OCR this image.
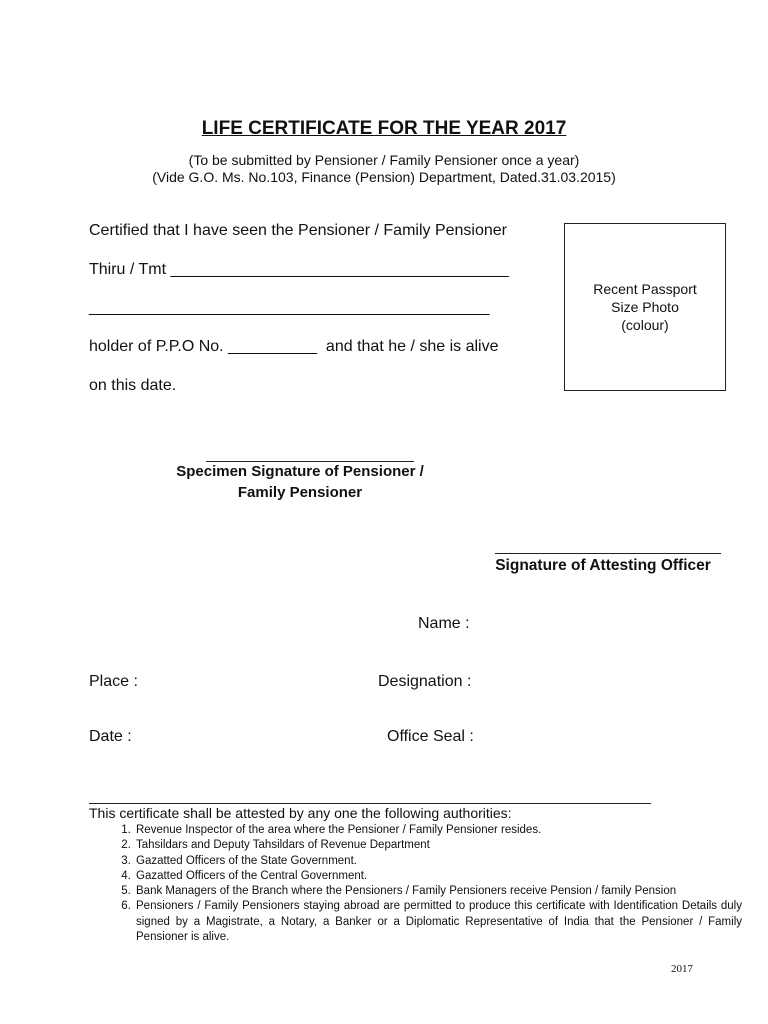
LIFE CERTIFICATE FOR THE YEAR 2017
(To be submitted by Pensioner / Family Pensioner once a year)
(Vide G.O. Ms. No.103, Finance (Pension) Department, Dated.31.03.2015)
Certified that I have seen the Pensioner / Family Pensioner
Thiru / Tmt ______________________________________
_____________________________________________
holder of P.P.O No. __________  and that he / she is alive
on this date.
Recent Passport
Size Photo
(colour)
Specimen Signature of Pensioner /
Family Pensioner
Signature of Attesting Officer
Name :
Place :	Designation :
Date :	Office Seal :
This certificate shall be attested by any one the following authorities:
1. Revenue Inspector of the area where the Pensioner / Family Pensioner resides.
2. Tahsildars and Deputy Tahsildars of Revenue Department
3. Gazatted Officers of the State Government.
4. Gazatted Officers of the Central Government.
5. Bank Managers of the Branch where the Pensioners / Family Pensioners receive Pension / family Pension
6. Pensioners / Family Pensioners staying abroad are permitted to produce this certificate with Identification Details duly signed by a Magistrate, a Notary, a Banker or a Diplomatic Representative of India that the Pensioner / Family Pensioner is alive.
2017
